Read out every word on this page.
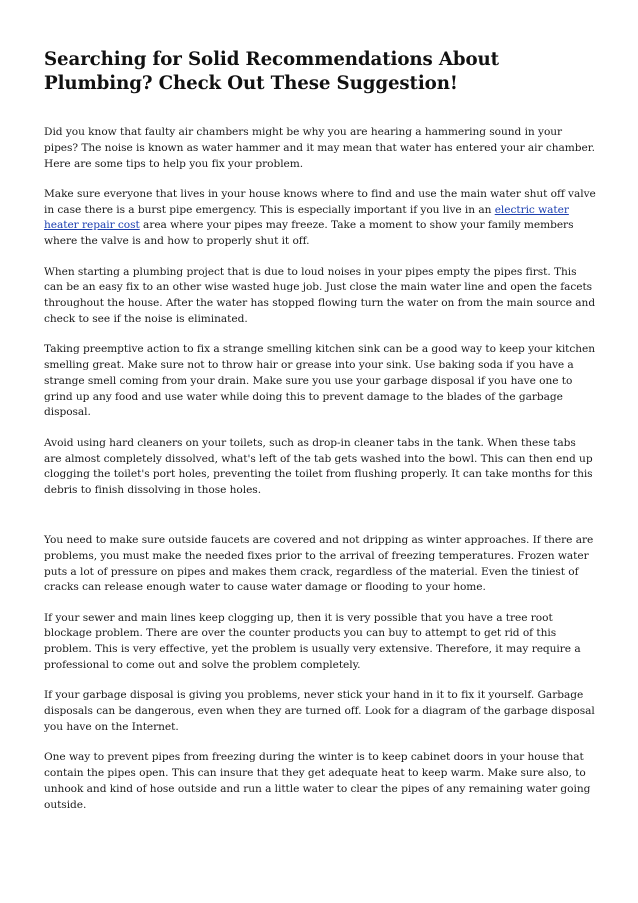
Searching for Solid Recommendations About Plumbing? Check Out These Suggestion!

Did you know that faulty air chambers might be why you are hearing a hammering sound in your pipes? The noise is known as water hammer and it may mean that water has entered your air chamber. Here are some tips to help you fix your problem.

Make sure everyone that lives in your house knows where to find and use the main water shut off valve in case there is a burst pipe emergency. This is especially important if you live in an electric water heater repair cost area where your pipes may freeze. Take a moment to show your family members where the valve is and how to properly shut it off.

When starting a plumbing project that is due to loud noises in your pipes empty the pipes first. This can be an easy fix to an other wise wasted huge job. Just close the main water line and open the facets throughout the house. After the water has stopped flowing turn the water on from the main source and check to see if the noise is eliminated.

Taking preemptive action to fix a strange smelling kitchen sink can be a good way to keep your kitchen smelling great. Make sure not to throw hair or grease into your sink. Use baking soda if you have a strange smell coming from your drain. Make sure you use your garbage disposal if you have one to grind up any food and use water while doing this to prevent damage to the blades of the garbage disposal.

Avoid using hard cleaners on your toilets, such as drop-in cleaner tabs in the tank. When these tabs are almost completely dissolved, what's left of the tab gets washed into the bowl. This can then end up clogging the toilet's port holes, preventing the toilet from flushing properly. It can take months for this debris to finish dissolving in those holes.

You need to make sure outside faucets are covered and not dripping as winter approaches. If there are problems, you must make the needed fixes prior to the arrival of freezing temperatures. Frozen water puts a lot of pressure on pipes and makes them crack, regardless of the material. Even the tiniest of cracks can release enough water to cause water damage or flooding to your home.

If your sewer and main lines keep clogging up, then it is very possible that you have a tree root blockage problem. There are over the counter products you can buy to attempt to get rid of this problem. This is very effective, yet the problem is usually very extensive. Therefore, it may require a professional to come out and solve the problem completely.

If your garbage disposal is giving you problems, never stick your hand in it to fix it yourself. Garbage disposals can be dangerous, even when they are turned off. Look for a diagram of the garbage disposal you have on the Internet.

One way to prevent pipes from freezing during the winter is to keep cabinet doors in your house that contain the pipes open. This can insure that they get adequate heat to keep warm. Make sure also, to unhook and kind of hose outside and run a little water to clear the pipes of any remaining water going outside.
